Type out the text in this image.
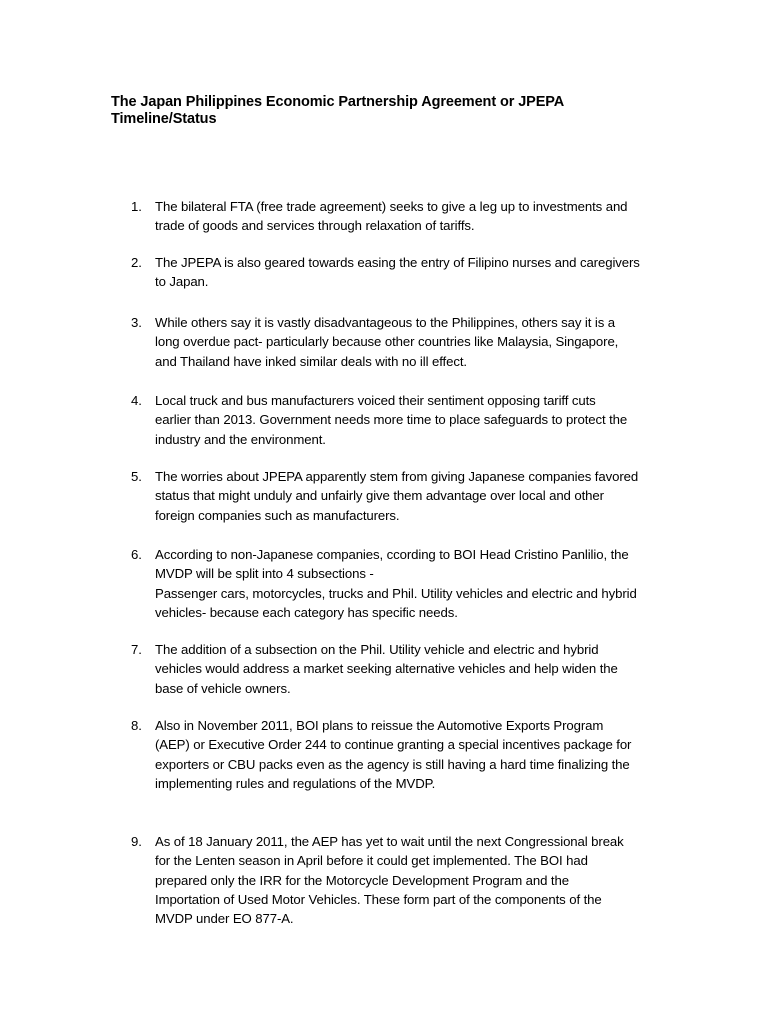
The Japan Philippines Economic Partnership Agreement or JPEPA
Timeline/Status
1. The bilateral FTA (free trade agreement) seeks to give a leg up to investments and
trade of goods and services through relaxation of tariffs.
2. The JPEPA is also geared towards easing the entry of Filipino nurses and caregivers
to Japan.
3. While others say it is vastly disadvantageous to the Philippines, others say it is a
long overdue pact- particularly because other countries like Malaysia, Singapore,
and Thailand have inked similar deals with no ill effect.
4. Local truck and bus manufacturers voiced their sentiment opposing tariff cuts
earlier than 2013. Government needs more time to place safeguards to protect the
industry and the environment.
5. The worries about JPEPA apparently stem from giving Japanese companies favored
status that might unduly and unfairly give them advantage over local and other
foreign companies such as manufacturers.
6. According to non-Japanese companies, ccording to BOI Head Cristino Panlilio, the
MVDP will be split into 4 subsections -
Passenger cars, motorcycles, trucks and Phil. Utility vehicles and electric and hybrid
vehicles- because each category has specific needs.
7. The addition of a subsection on the Phil. Utility vehicle and electric and hybrid
vehicles would address a market seeking alternative vehicles and help widen the
base of vehicle owners.
8. Also in November 2011, BOI plans to reissue the Automotive Exports Program
(AEP) or Executive Order 244 to continue granting a special incentives package for
exporters or CBU packs even as the agency is still having a hard time finalizing the
implementing rules and regulations of the MVDP.
9. As of 18 January 2011, the AEP has yet to wait until the next Congressional break
for the Lenten season in April before it could get implemented. The BOI had
prepared only the IRR for the Motorcycle Development Program and the
Importation of Used Motor Vehicles. These form part of the components of the
MVDP under EO 877-A.
